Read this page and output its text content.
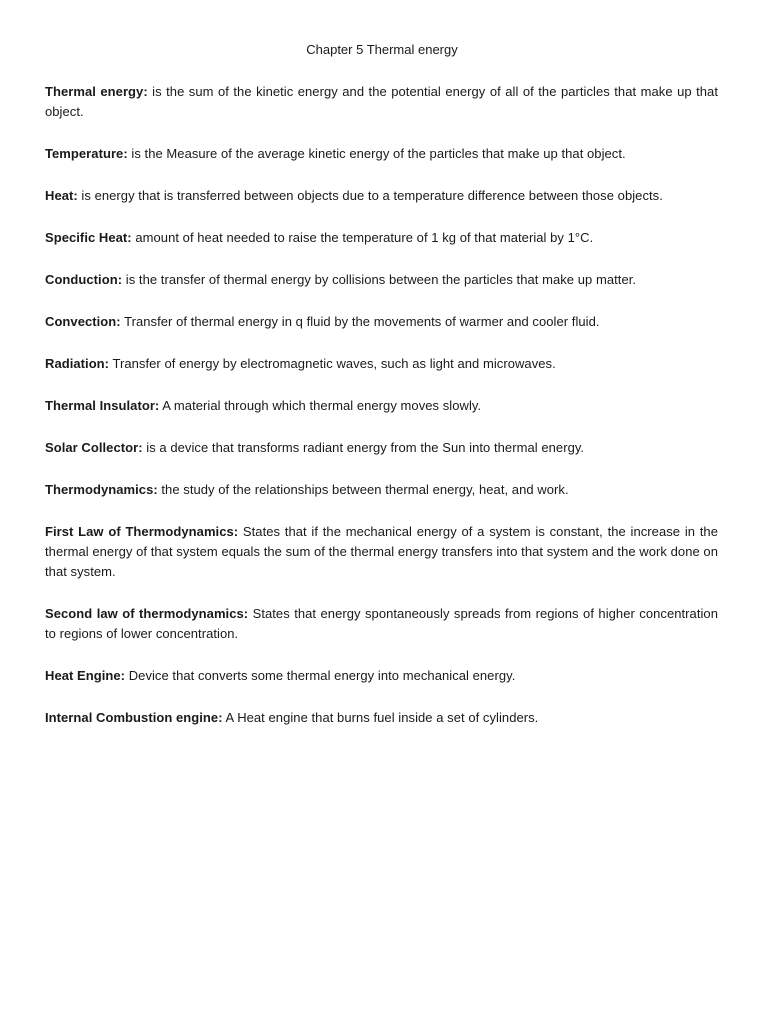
Chapter 5 Thermal energy

Thermal energy: is the sum of the kinetic energy and the potential energy of all of the particles that make up that object.

Temperature: is the Measure of the average kinetic energy of the particles that make up that object.

Heat: is energy that is transferred between objects due to a temperature difference between those objects.

Specific Heat: amount of heat needed to raise the temperature of 1 kg of that material by 1°C.

Conduction: is the transfer of thermal energy by collisions between the particles that make up matter.

Convection: Transfer of thermal energy in q fluid by the movements of warmer and cooler fluid.

Radiation: Transfer of energy by electromagnetic waves, such as light and microwaves.

Thermal Insulator: A material through which thermal energy moves slowly.

Solar Collector: is a device that transforms radiant energy from the Sun into thermal energy.

Thermodynamics: the study of the relationships between thermal energy, heat, and work.

First Law of Thermodynamics: States that if the mechanical energy of a system is constant, the increase in the thermal energy of that system equals the sum of the thermal energy transfers into that system and the work done on that system.

Second law of thermodynamics: States that energy spontaneously spreads from regions of higher concentration to regions of lower concentration.

Heat Engine: Device that converts some thermal energy into mechanical energy.

Internal Combustion engine: A Heat engine that burns fuel inside a set of cylinders.
